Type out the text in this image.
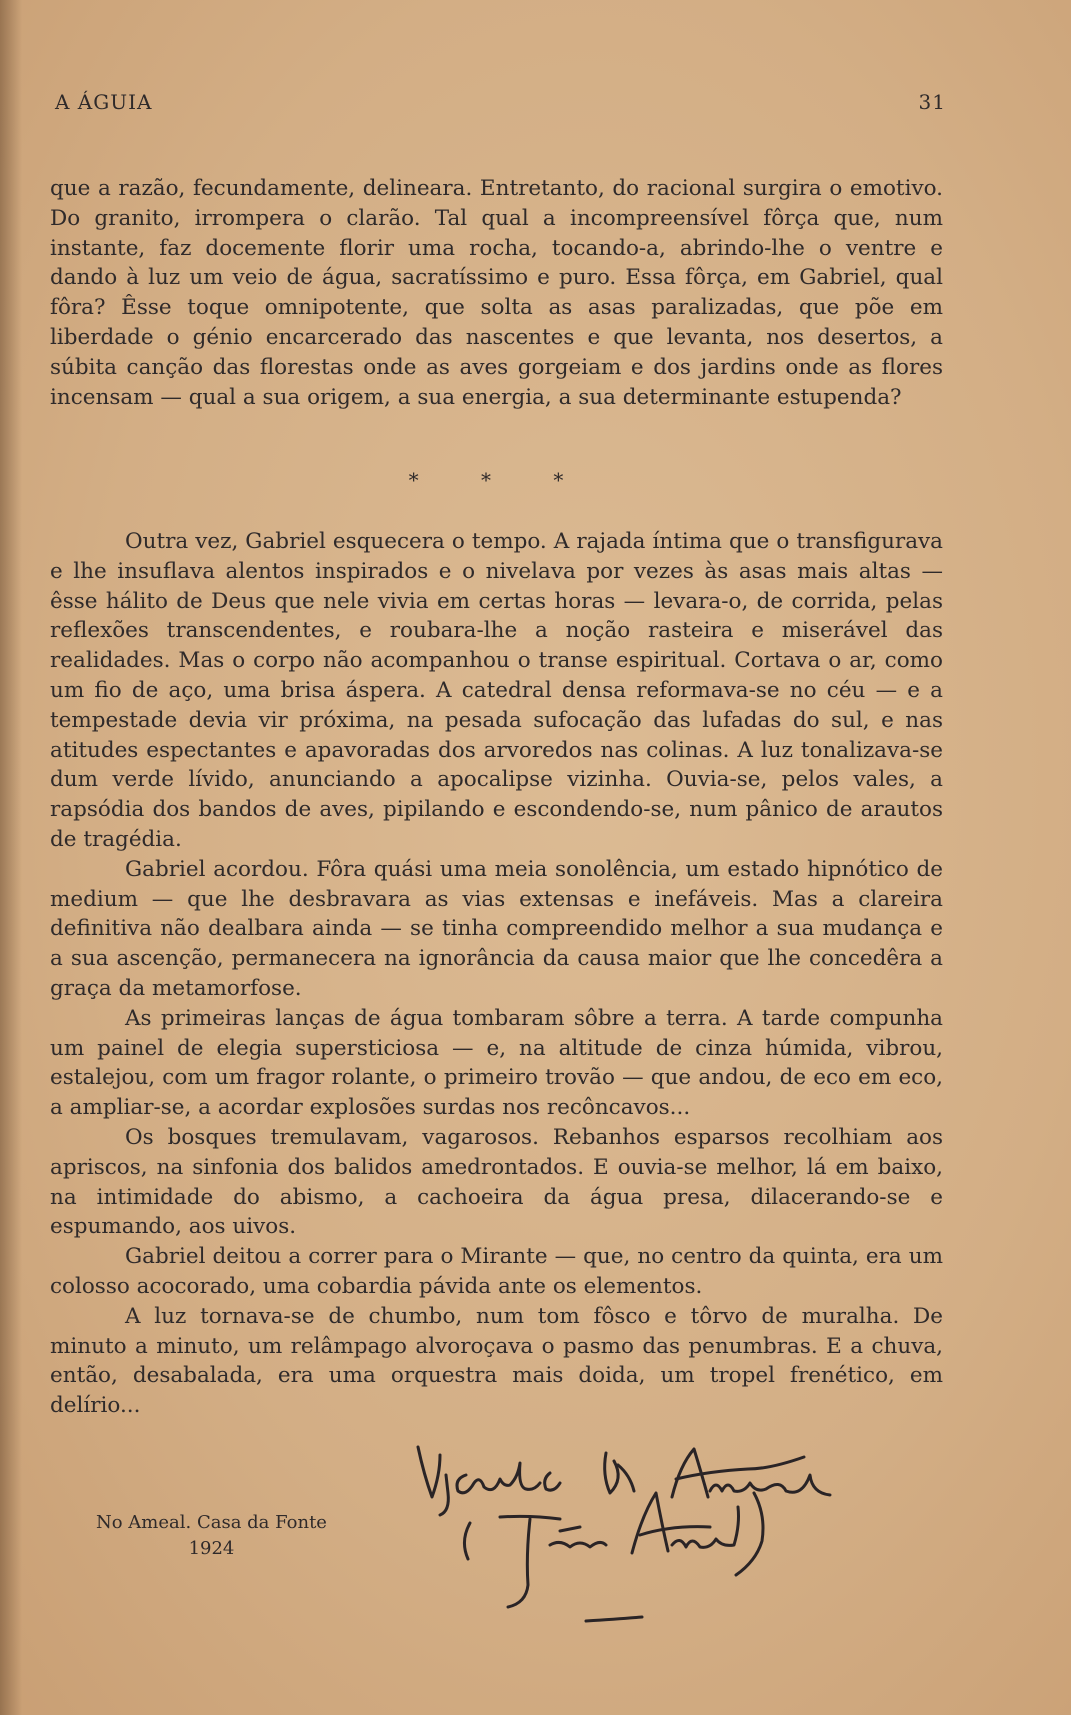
A ÁGUIA	31

que a razão, fecundamente, delineara. Entretanto, do racional surgira o emotivo. Do granito, irrompera o clarão. Tal qual a incompreensível fôrça que, num instante, faz docemente florir uma rocha, tocando-a, abrindo-lhe o ventre e dando à luz um veio de água, sacratíssimo e puro. Essa fôrça, em Gabriel, qual fôra? Êsse toque omnipotente, que solta as asas paralizadas, que põe em liberdade o génio encarcerado das nascentes e que levanta, nos desertos, a súbita canção das florestas onde as aves gorgeiam e dos jardins onde as flores incensam — qual a sua origem, a sua energia, a sua determinante estupenda?

* * *

Outra vez, Gabriel esquecera o tempo. A rajada íntima que o transfigurava e lhe insuflava alentos inspirados e o nivelava por vezes às asas mais altas — êsse hálito de Deus que nele vivia em certas horas — levara-o, de corrida, pelas reflexões transcendentes, e roubara-lhe a noção rasteira e miserável das realidades. Mas o corpo não acompanhou o transe espiritual. Cortava o ar, como um fio de aço, uma brisa áspera. A catedral densa reformava-se no céu — e a tempestade devia vir próxima, na pesada sufocação das lufadas do sul, e nas atitudes espectantes e apavoradas dos arvoredos nas colinas. A luz tonalizava-se dum verde lívido, anunciando a apocalipse vizinha. Ouvia-se, pelos vales, a rapsódia dos bandos de aves, pipilando e escondendo-se, num pânico de arautos de tragédia.

Gabriel acordou. Fôra quási uma meia sonolência, um estado hipnótico de medium — que lhe desbravara as vias extensas e inefáveis. Mas a clareira definitiva não dealbara ainda — se tinha compreendido melhor a sua mudança e a sua ascenção, permanecera na ignorância da causa maior que lhe concedêra a graça da metamorfose.

As primeiras lanças de água tombaram sôbre a terra. A tarde compunha um painel de elegia supersticiosa — e, na altitude de cinza húmida, vibrou, estalejou, com um fragor rolante, o primeiro trovão — que andou, de eco em eco, a ampliar-se, a acordar explosões surdas nos recôncavos...

Os bosques tremulavam, vagarosos. Rebanhos esparsos recolhiam aos apriscos, na sinfonia dos balidos amedrontados. E ouvia-se melhor, lá em baixo, na intimidade do abismo, a cachoeira da água presa, dilacerando-se e espumando, aos uivos.

Gabriel deitou a correr para o Mirante — que, no centro da quinta, era um colosso acocorado, uma cobardia pávida ante os elementos.

A luz tornava-se de chumbo, num tom fôsco e tôrvo de muralha. De minuto a minuto, um relâmpago alvoroçava o pasmo das penumbras. E a chuva, então, desabalada, era uma orquestra mais doida, um tropel frenético, em delírio...

No Ameal. Casa da Fonte
1924
